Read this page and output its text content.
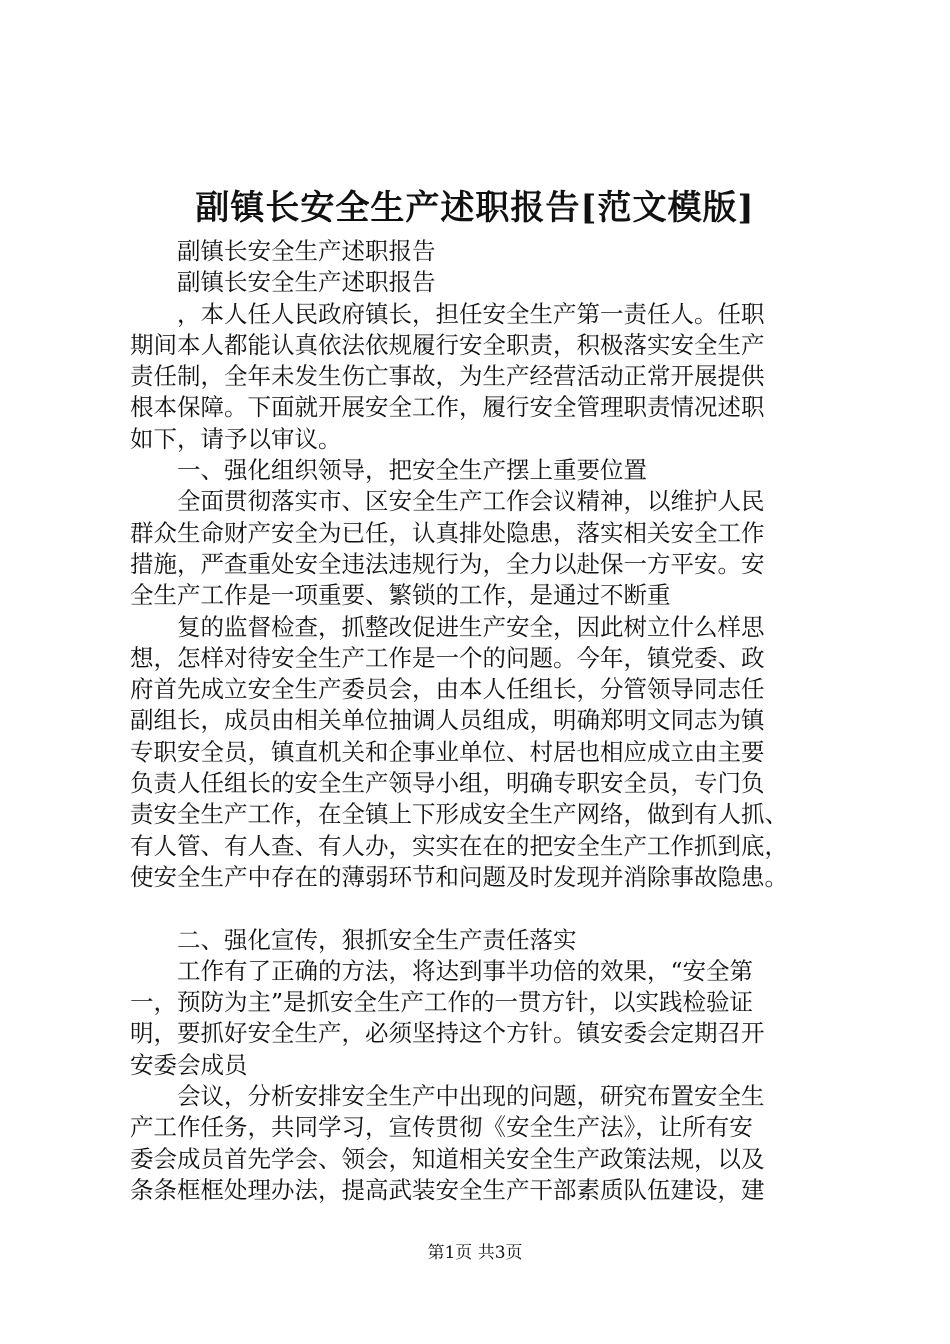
副镇长安全生产述职报告[范文模版]
副镇长安全生产述职报告
副镇长安全生产述职报告
，本人任人民政府镇长，担任安全生产第一责任人。任职
期间本人都能认真依法依规履行安全职责，积极落实安全生产
责任制，全年未发生伤亡事故，为生产经营活动正常开展提供
根本保障。下面就开展安全工作，履行安全管理职责情况述职
如下，请予以审议。
一、强化组织领导，把安全生产摆上重要位置
全面贯彻落实市、区安全生产工作会议精神，以维护人民
群众生命财产安全为已任，认真排处隐患，落实相关安全工作
措施，严查重处安全违法违规行为，全力以赴保一方平安。安
全生产工作是一项重要、繁锁的工作，是通过不断重
复的监督检查，抓整改促进生产安全，因此树立什么样思
想，怎样对待安全生产工作是一个的问题。今年，镇党委、政
府首先成立安全生产委员会，由本人任组长，分管领导同志任
副组长，成员由相关单位抽调人员组成，明确郑明文同志为镇
专职安全员，镇直机关和企事业单位、村居也相应成立由主要
负责人任组长的安全生产领导小组，明确专职安全员，专门负
责安全生产工作，在全镇上下形成安全生产网络，做到有人抓、
有人管、有人查、有人办，实实在在的把安全生产工作抓到底，
使安全生产中存在的薄弱环节和问题及时发现并消除事故隐患。
二、强化宣传，狠抓安全生产责任落实
工作有了正确的方法，将达到事半功倍的效果，“安全第
一，预防为主”是抓安全生产工作的一贯方针，以实践检验证
明，要抓好安全生产，必须坚持这个方针。镇安委会定期召开
安委会成员
会议，分析安排安全生产中出现的问题，研究布置安全生
产工作任务，共同学习，宣传贯彻《安全生产法》，让所有安
委会成员首先学会、领会，知道相关安全生产政策法规，以及
条条框框处理办法，提高武装安全生产干部素质队伍建设，建
第1页 共3页
